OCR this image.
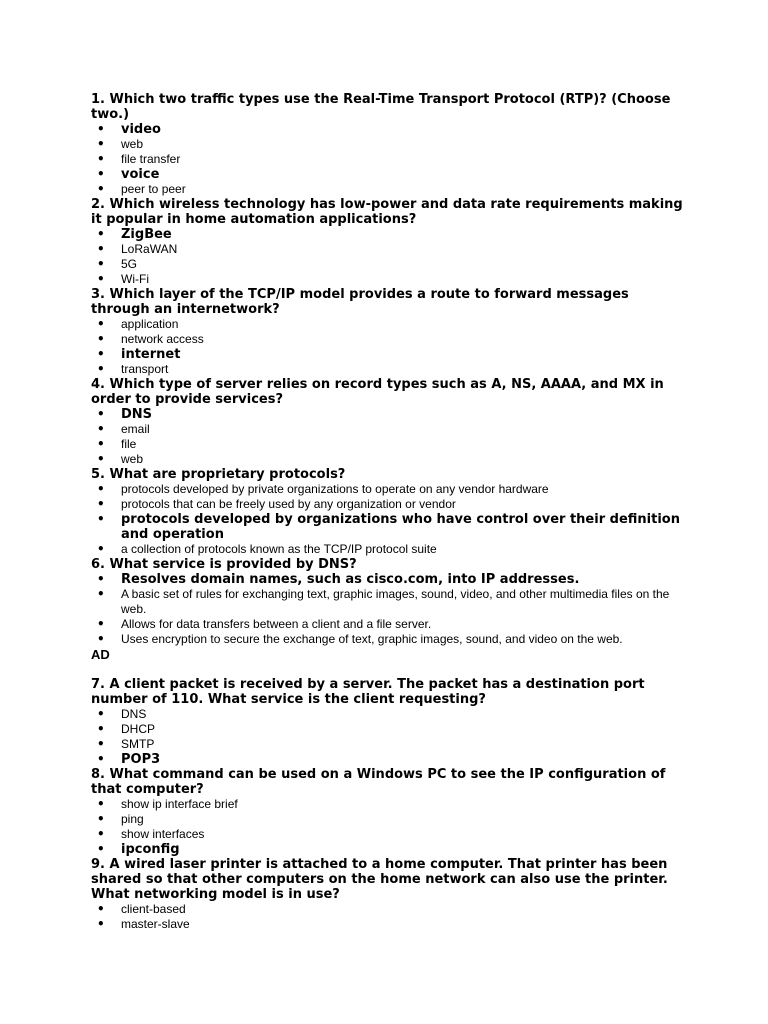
1. Which two traffic types use the Real-Time Transport Protocol (RTP)? (Choose two.)

• video
• web
• file transfer
• voice
• peer to peer

2. Which wireless technology has low-power and data rate requirements making it popular in home automation applications?

• ZigBee
• LoRaWAN
• 5G
• Wi-Fi

3. Which layer of the TCP/IP model provides a route to forward messages through an internetwork?

• application
• network access
• internet
• transport

4. Which type of server relies on record types such as A, NS, AAAA, and MX in order to provide services?

• DNS
• email
• file
• web

5. What are proprietary protocols?

• protocols developed by private organizations to operate on any vendor hardware
• protocols that can be freely used by any organization or vendor
• protocols developed by organizations who have control over their definition and operation
• a collection of protocols known as the TCP/IP protocol suite

6. What service is provided by DNS?

• Resolves domain names, such as cisco.com, into IP addresses.
• A basic set of rules for exchanging text, graphic images, sound, video, and other multimedia files on the web.
• Allows for data transfers between a client and a file server.
• Uses encryption to secure the exchange of text, graphic images, sound, and video on the web.
AD

7. A client packet is received by a server. The packet has a destination port number of 110. What service is the client requesting?

• DNS
• DHCP
• SMTP
• POP3

8. What command can be used on a Windows PC to see the IP configuration of that computer?

• show ip interface brief
• ping
• show interfaces
• ipconfig

9. A wired laser printer is attached to a home computer. That printer has been shared so that other computers on the home network can also use the printer. What networking model is in use?

• client-based
• master-slave
